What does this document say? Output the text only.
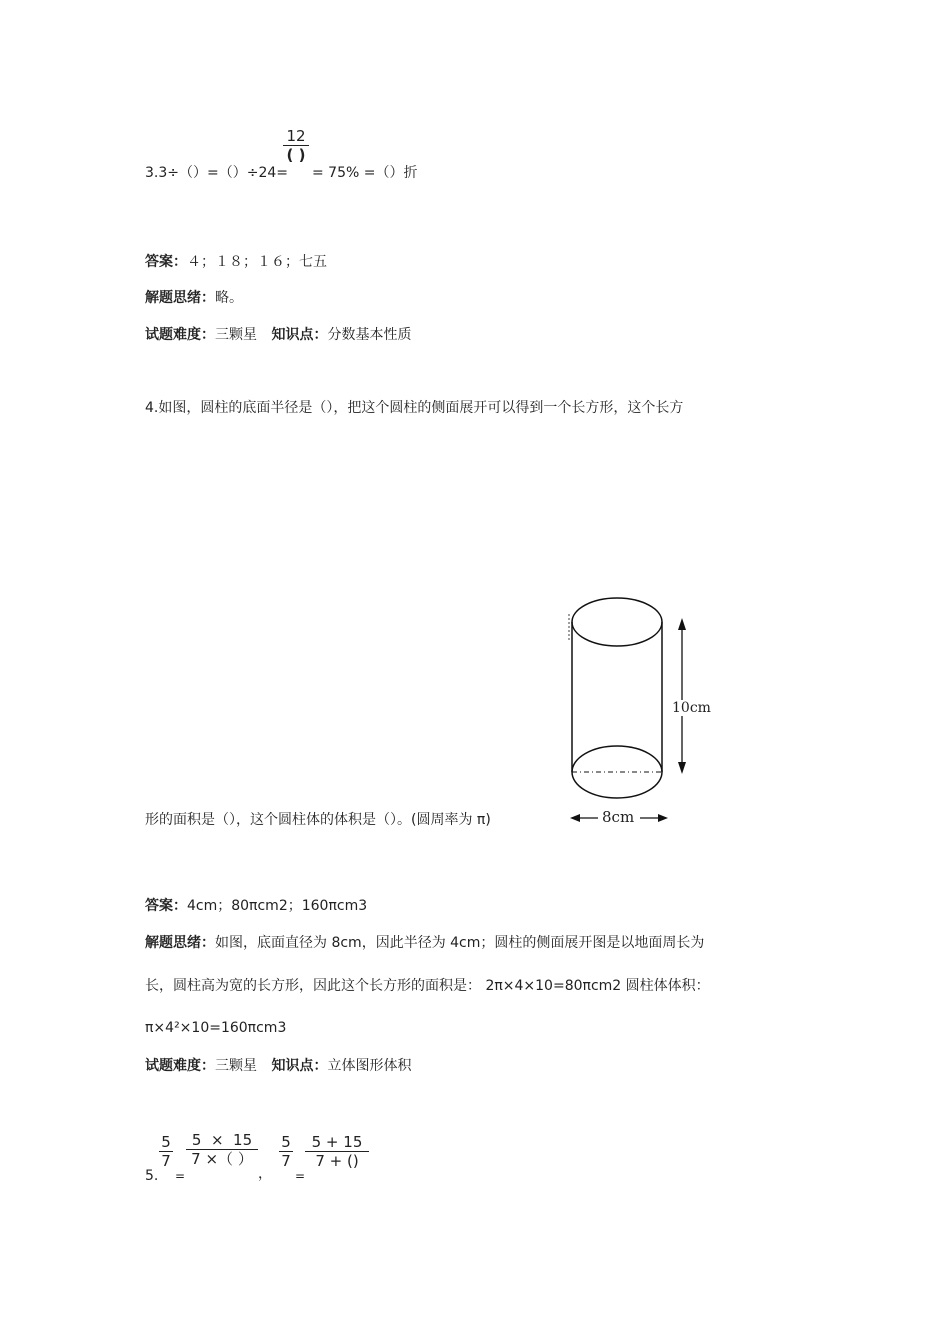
3.3÷（）=（）÷24=
12
( )
= 75% =（）折
答案：４；１８；１６；七五
解题思绪：略。
试题难度：三颗星 知识点：分数基本性质
4.如图，圆柱的底面半径是（），把这个圆柱的侧面展开可以得到一个长方形，这个长方
10cm
8cm
形的面积是（），这个圆柱体的体积是（）。(圆周率为 π)
答案：4cm；80πcm2；160πcm3
解题思绪：如图，底面直径为 8cm，因此半径为 4cm；圆柱的侧面展开图是以地面周长为
长，圆柱高为宽的长方形，因此这个长方形的面积是： 2π×4×10=80πcm2 圆柱体体积：
π×4²×10=160πcm3
试题难度：三颗星 知识点：立体图形体积
5.
5
7
=
5  ×  15
7 ×（ ）
，
5
7
=
5 + 15
7 + ()
